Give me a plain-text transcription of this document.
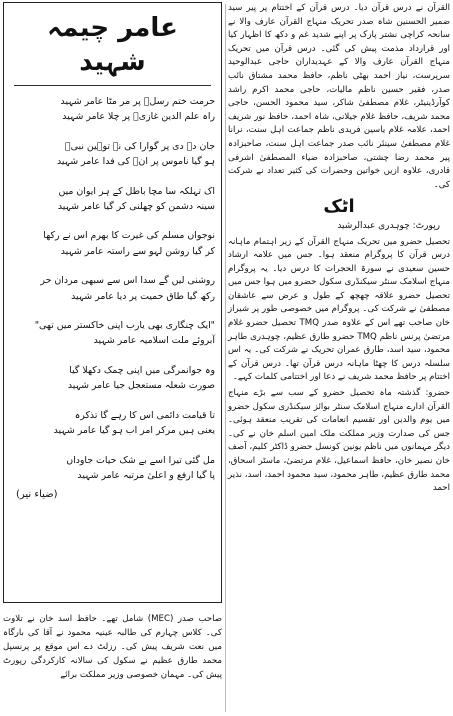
القرآن نے درس قرآن دیا۔ درس قرآن کے اختتام پر پیر سید ضمیر الحسنین شاہ صدر تحریک منہاج القرآن عارف والا نے سانحہ کراچی نشتر پارک پر اپنے شدید غم و دکھ کا اظہار کیا اور قرارداد مذمت پیش کی گئی۔ درس قرآن میں تحریک منہاج القرآن عارف والا کے عہدیداران حاجی عبدالوحید سرپرست، نیاز احمد بھٹی ناظم، حافظ محمد مشتاق نائب صدر، فقیر حسین ناظم مالیات، حاجی محمد اکرم راشد کوآرڈینیٹر، غلام مصطفیٰ شاکر، سید محمود الحسن، حاجی محمد شریف، حافظ غلام جیلانی، شاہ احمد، حافظ نور شریف احمد، علامہ غلام یاسین فریدی ناظم جماعت اہل سنت، نرانا غلام مصطفیٰ سینئر نائب صدر جماعت اہل سنت، صاحبزادہ پیر محمد رضا چشتی، صاحبزادہ ضیاء المصطفیٰ اشرفی قادری، علاوہ ازیں خواتین وحضرات کی کثیر تعداد نے شرکت کی۔

اٹک
رپورٹ: چوہدری عبدالرشید

تحصیل حضرو میں تحریک منہاج القرآن کے زیر اہتمام ماہانہ درس قرآن کا پروگرام منعقد ہوا۔ جس میں علامہ ارشاد حسین سعیدی نے سورۃ الحجرات کا درس دیا۔ یہ پروگرام منہاج اسلامک سنٹر سیکنڈری سکول حضرو میں ہوا جس میں تحصیل حضرو علاقہ چھچھ کے طول و عرض سے عاشقان مصطفیٰ نے شرکت کی۔ پروگرام میں خصوصی طور پر شیراز خان صاحب تھے اس کے علاوہ صدر TMQ تحصیل حضرو غلام مرتضیٰ پرنس ناظم TMQ حضرو طارق عظیم، چوہدری طاہر محمود، سید اسد، طارق عمران تحریک نے شرکت کی۔ یہ اس سلسلہ درس کا چھٹا ماہانہ درس قرآن تھا۔ درس قرآن کے اختتام پر حافظ محمد شریف نے دعا اور اختتامی کلمات کہے۔

حضرو: گذشتہ ماہ تحصیل حضرو کے سب سے بڑے منہاج القرآن ادارے منہاج اسلامک سنٹر بوائز سیکنڈری سکول حضرو میں یوم والدین اور تقسیم انعامات کی تقریب منعقد ہوئی۔ جس کی صدارت وزیر مملکت ملک امین اسلم خان نے کی۔ دیگر مہمانوں میں ناظم یونین کونسل حضرو ڈاکٹر کلیم، آصف خان نصیر خان، حافظ اسماعیل، غلام مرتضیٰ، ماسٹر اسحاق، محمد طارق عظیم، طاہر محمود، سید محمود احمد، اسد، نذیر احمد

عامر چیمہ شہید
حرمت ختم رسلؐ پر مر مٹا عامر شہید
راہ علم الدین غازیؒ پر چلا عامر شہید
جان دے دی پر گوارا کی نہ توہین نبیؐ
ہو گیا ناموس پر انؐ کی فدا عامر شہید
اک تہلکہ سا مچا باطل کے ہر ایوان میں
سینہ دشمن کو چھلنی کر گیا عامر شہید
نوجواں مسلم کی غیرت کا بھرم اس نے رکھا
کر گیا روشن لہو سے راستہ عامر شہید
روشنی لیں گے سدا اس سے سبھی مردان حر
رکھ گیا طاق حمیت پر دیا عامر شہید
"ایک چنگاری بھی یارب اپنی خاکستر میں تھی"
آبروئے ملت اسلامیہ عامر شہید
وہ جوانمرگی میں اپنی چمک دکھلا گیا
صورت شعلہ مستعجل جیا عامر شہید
تا قیامت دائمی اس کا رہے گا تذکرہ
یعنی ہیں مرکر امر اب ہو گیا عامر شہید
مل گئی تیرا اسے بے شک حیات جاوداں
پا گیا ارفع و اعلیٰ مرتبہ عامر شہید
(ضیاء نیر)
صاحب صدر (MEC) شامل تھے۔ حافظ اسد خان نے تلاوت کی۔ کلاس چہارم کی طالبہ عینیہ محمود نے آقا کی بارگاہ میں نعت شریف پیش کی۔ رزلٹ دے اس موقع پر پرنسپل محمد طارق عظیم نے سکول کی سالانہ کارکردگی رپورٹ پیش کی۔ مہمان خصوصی وزیر مملکت برائے
